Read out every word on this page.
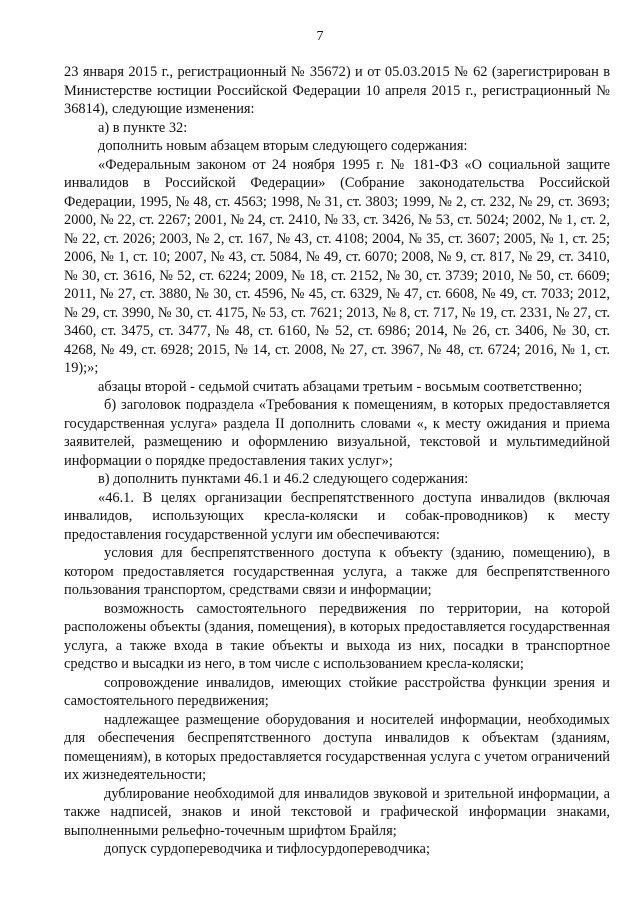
7

23 января 2015 г., регистрационный № 35672) и от 05.03.2015 № 62 (зарегистрирован в Министерстве юстиции Российской Федерации 10 апреля 2015 г., регистрационный № 36814), следующие изменения:

а) в пункте 32:

дополнить новым абзацем вторым следующего содержания:

«Федеральным законом от 24 ноября 1995 г. № 181-ФЗ «О социальной защите инвалидов в Российской Федерации» (Собрание законодательства Российской Федерации, 1995, № 48, ст. 4563; 1998, № 31, ст. 3803; 1999, № 2, ст. 232, № 29, ст. 3693; 2000, № 22, ст. 2267; 2001, № 24, ст. 2410, № 33, ст. 3426, № 53, ст. 5024; 2002, № 1, ст. 2, № 22, ст. 2026; 2003, № 2, ст. 167, № 43, ст. 4108; 2004, № 35, ст. 3607; 2005, № 1, ст. 25; 2006, № 1, ст. 10; 2007, № 43, ст. 5084, № 49, ст. 6070; 2008, № 9, ст. 817, № 29, ст. 3410, № 30, ст. 3616, № 52, ст. 6224; 2009, № 18, ст. 2152, № 30, ст. 3739; 2010, № 50, ст. 6609; 2011, № 27, ст. 3880, № 30, ст. 4596, № 45, ст. 6329, № 47, ст. 6608, № 49, ст. 7033; 2012, № 29, ст. 3990, № 30, ст. 4175, № 53, ст. 7621; 2013, № 8, ст. 717, № 19, ст. 2331, № 27, ст. 3460, ст. 3475, ст. 3477, № 48, ст. 6160, № 52, ст. 6986; 2014, № 26, ст. 3406, № 30, ст. 4268, № 49, ст. 6928; 2015, № 14, ст. 2008, № 27, ст. 3967, № 48, ст. 6724; 2016, № 1, ст. 19);»;

абзацы второй - седьмой считать абзацами третьим - восьмым соответственно;

б) заголовок подраздела «Требования к помещениям, в которых предоставляется государственная услуга» раздела II дополнить словами «, к месту ожидания и приема заявителей, размещению и оформлению визуальной, текстовой и мультимедийной информации о порядке предоставления таких услуг»;

в) дополнить пунктами 46.1 и 46.2 следующего содержания:

«46.1. В целях организации беспрепятственного доступа инвалидов (включая инвалидов, использующих кресла-коляски и собак-проводников) к месту предоставления государственной услуги им обеспечиваются:

условия для беспрепятственного доступа к объекту (зданию, помещению), в котором предоставляется государственная услуга, а также для беспрепятственного пользования транспортом, средствами связи и информации;

возможность самостоятельного передвижения по территории, на которой расположены объекты (здания, помещения), в которых предоставляется государственная услуга, а также входа в такие объекты и выхода из них, посадки в транспортное средство и высадки из него, в том числе с использованием кресла-коляски;

сопровождение инвалидов, имеющих стойкие расстройства функции зрения и самостоятельного передвижения;

надлежащее размещение оборудования и носителей информации, необходимых для обеспечения беспрепятственного доступа инвалидов к объектам (зданиям, помещениям), в которых предоставляется государственная услуга с учетом ограничений их жизнедеятельности;

дублирование необходимой для инвалидов звуковой и зрительной информации, а также надписей, знаков и иной текстовой и графической информации знаками, выполненными рельефно-точечным шрифтом Брайля;

допуск сурдопереводчика и тифлосурдопереводчика;
